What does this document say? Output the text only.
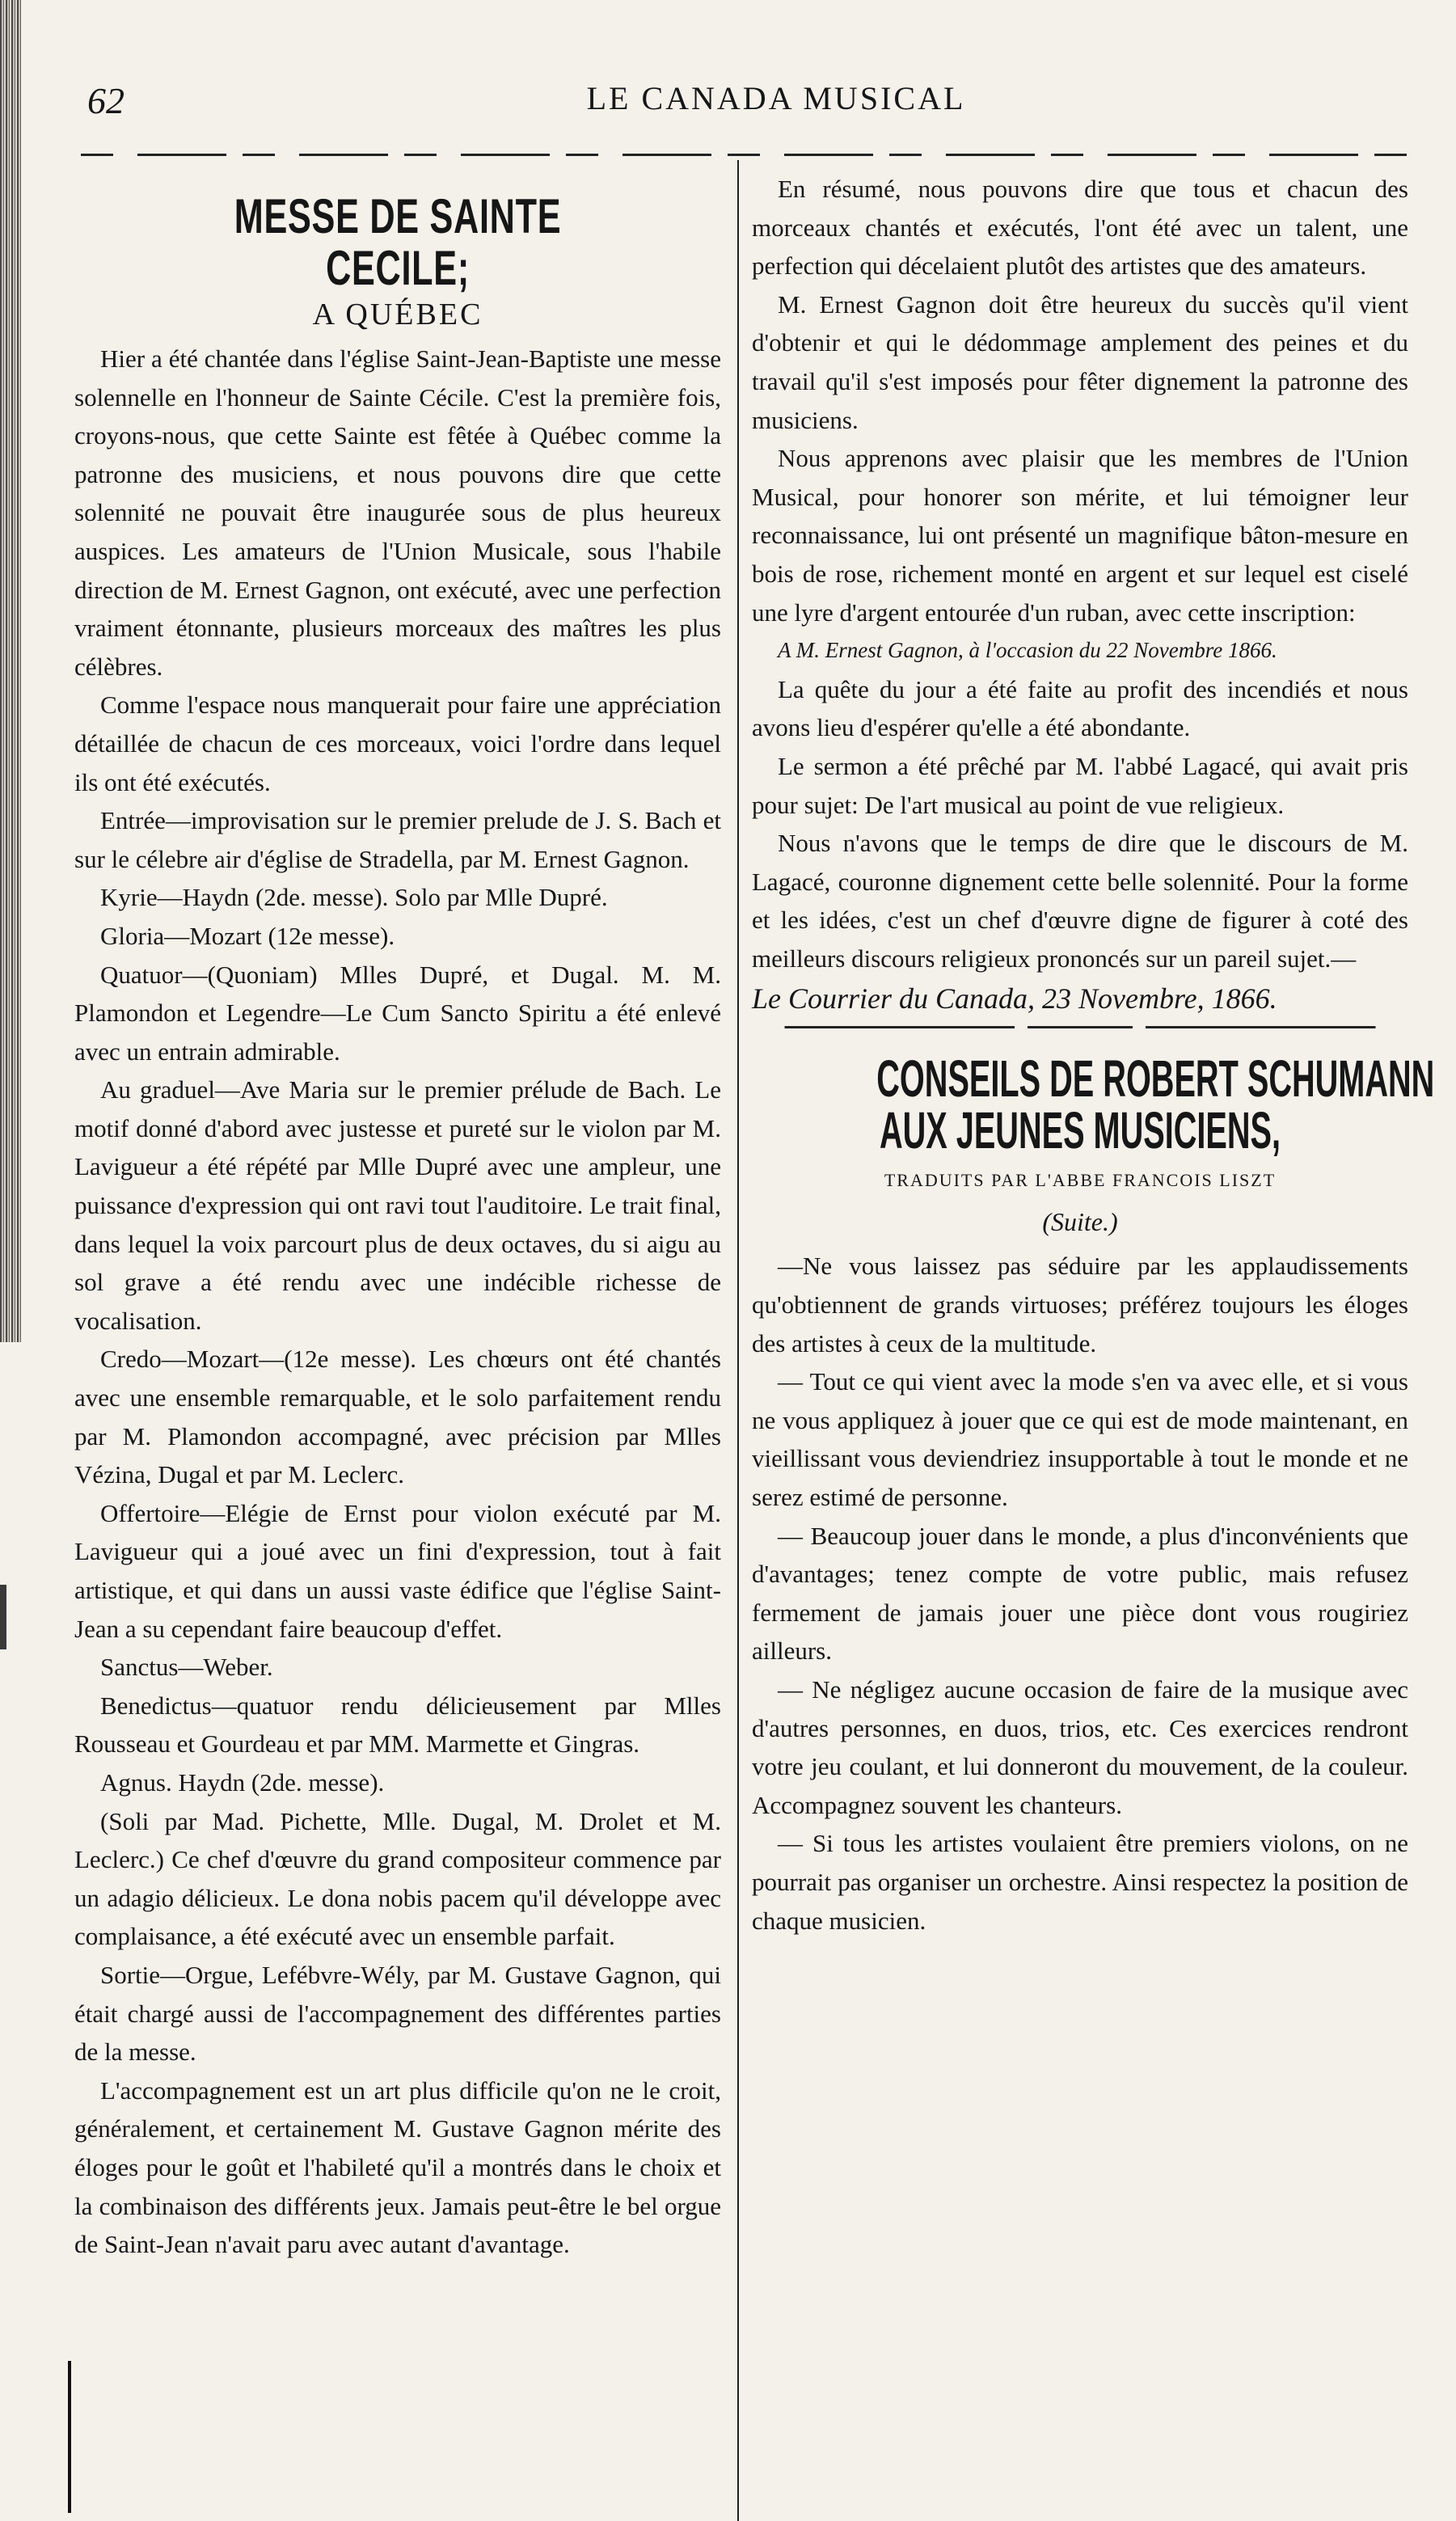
62	LE CANADA MUSICAL
MESSE DE SAINTE CECILE;
A QUÉBEC

Hier a été chantée dans l'église Saint-Jean-Baptiste une messe solennelle en l'honneur de Sainte Cécile. C'est la première fois, croyons-nous, que cette Sainte est fêtée à Québec comme la patronne des musiciens, et nous pouvons dire que cette solennité ne pouvait être inaugurée sous de plus heureux auspices. Les amateurs de l'Union Musicale, sous l'habile direction de M. Ernest Gagnon, ont exécuté, avec une perfection vraiment étonnante, plusieurs morceaux des maîtres les plus célèbres.

Comme l'espace nous manquerait pour faire une appréciation détaillée de chacun de ces morceaux, voici l'ordre dans lequel ils ont été exécutés.

Entrée—improvisation sur le premier prelude de J. S. Bach et sur le célebre air d'église de Stradella, par M. Ernest Gagnon.

Kyrie—Haydn (2de. messe). Solo par Mlle Dupré.

Gloria—Mozart (12e messe).

Quatuor—(Quoniam) Mlles Dupré, et Dugal. M. M. Plamondon et Legendre—Le Cum Sancto Spiritu a été enlevé avec un entrain admirable.

Au graduel—Ave Maria sur le premier prélude de Bach. Le motif donné d'abord avec justesse et pureté sur le violon par M. Lavigueur a été répété par Mlle Dupré avec une ampleur, une puissance d'expression qui ont ravi tout l'auditoire. Le trait final, dans lequel la voix parcourt plus de deux octaves, du si aigu au sol grave a été rendu avec une indécible richesse de vocalisation.

Credo—Mozart—(12e messe). Les chœurs ont été chantés avec une ensemble remarquable, et le solo parfaitement rendu par M. Plamondon accompagné, avec précision par Mlles Vézina, Dugal et par M. Leclerc.

Offertoire—Elégie de Ernst pour violon exécuté par M. Lavigueur qui a joué avec un fini d'expression, tout à fait artistique, et qui dans un aussi vaste édifice que l'église Saint-Jean a su cependant faire beaucoup d'effet.

Sanctus—Weber.

Benedictus—quatuor rendu délicieusement par Mlles Rousseau et Gourdeau et par MM. Marmette et Gingras.

Agnus. Haydn (2de. messe).

(Soli par Mad. Pichette, Mlle. Dugal, M. Drolet et M. Leclerc.) Ce chef d'œuvre du grand compositeur commence par un adagio délicieux. Le dona nobis pacem qu'il développe avec complaisance, a été exécuté avec un ensemble parfait.

Sortie—Orgue, Lefébvre-Wély, par M. Gustave Gagnon, qui était chargé aussi de l'accompagnement des différentes parties de la messe.

L'accompagnement est un art plus difficile qu'on ne le croit, généralement, et certainement M. Gustave Gagnon mérite des éloges pour le goût et l'habileté qu'il a montrés dans le choix et la combinaison des différents jeux. Jamais peut-être le bel orgue de Saint-Jean n'avait paru avec autant d'avantage.

En résumé, nous pouvons dire que tous et chacun des morceaux chantés et exécutés, l'ont été avec un talent, une perfection qui décelaient plutôt des artistes que des amateurs.

M. Ernest Gagnon doit être heureux du succès qu'il vient d'obtenir et qui le dédommage amplement des peines et du travail qu'il s'est imposés pour fêter dignement la patronne des musiciens.

Nous apprenons avec plaisir que les membres de l'Union Musical, pour honorer son mérite, et lui témoigner leur reconnaissance, lui ont présenté un magnifique bâton-mesure en bois de rose, richement monté en argent et sur lequel est ciselé une lyre d'argent entourée d'un ruban, avec cette inscription:

A M. Ernest Gagnon, à l'occasion du 22 Novembre 1866.

La quête du jour a été faite au profit des incendiés et nous avons lieu d'espérer qu'elle a été abondante.

Le sermon a été prêché par M. l'abbé Lagacé, qui avait pris pour sujet: De l'art musical au point de vue religieux.

Nous n'avons que le temps de dire que le discours de M. Lagacé, couronne dignement cette belle solennité. Pour la forme et les idées, c'est un chef d'œuvre digne de figurer à coté des meilleurs discours religieux prononcés sur un pareil sujet.—

Le Courrier du Canada, 23 Novembre, 1866.

CONSEILS DE ROBERT SCHUMANN
AUX JEUNES MUSICIENS,
TRADUITS PAR L'ABBE FRANCOIS LISZT
(Suite.)

—Ne vous laissez pas séduire par les applaudissements qu'obtiennent de grands virtuoses; préférez toujours les éloges des artistes à ceux de la multitude.

— Tout ce qui vient avec la mode s'en va avec elle, et si vous ne vous appliquez à jouer que ce qui est de mode maintenant, en vieillissant vous deviendriez insupportable à tout le monde et ne serez estimé de personne.

— Beaucoup jouer dans le monde, a plus d'inconvénients que d'avantages; tenez compte de votre public, mais refusez fermement de jamais jouer une pièce dont vous rougiriez ailleurs.

— Ne négligez aucune occasion de faire de la musique avec d'autres personnes, en duos, trios, etc. Ces exercices rendront votre jeu coulant, et lui donneront du mouvement, de la couleur. Accompagnez souvent les chanteurs.

— Si tous les artistes voulaient être premiers violons, on ne pourrait pas organiser un orchestre. Ainsi respectez la position de chaque musicien.
